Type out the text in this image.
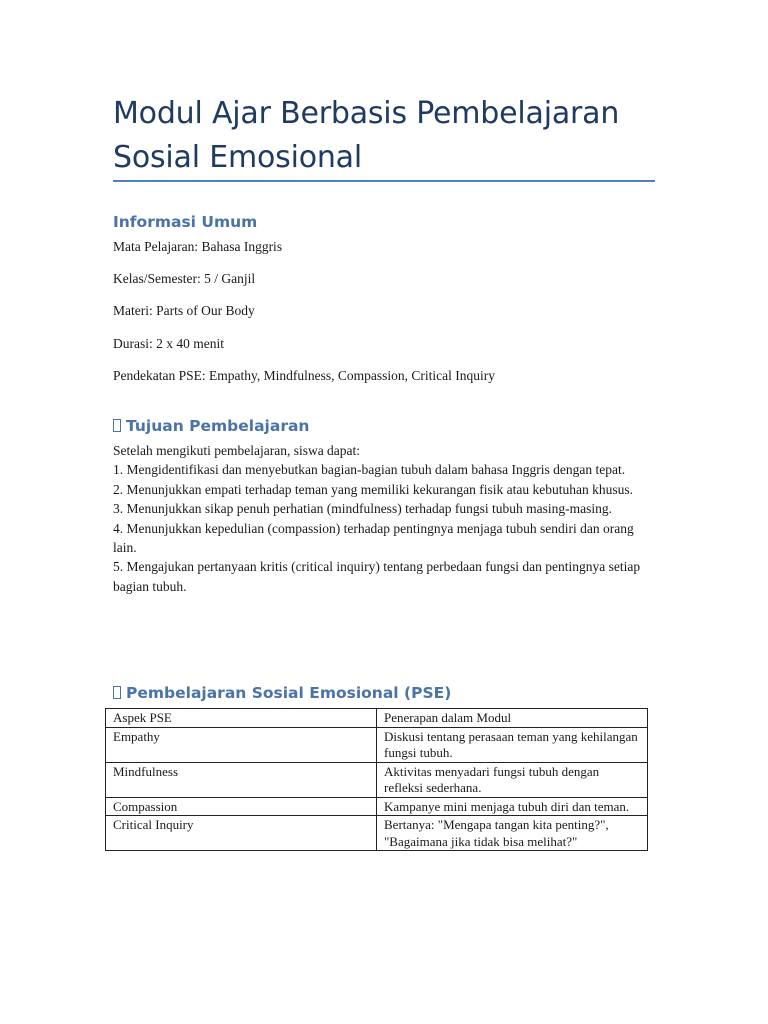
Modul Ajar Berbasis Pembelajaran
Sosial Emosional
Informasi Umum
Mata Pelajaran: Bahasa Inggris
Kelas/Semester: 5 / Ganjil
Materi: Parts of Our Body
Durasi: 2 x 40 menit
Pendekatan PSE: Empathy, Mindfulness, Compassion, Critical Inquiry
Tujuan Pembelajaran
Setelah mengikuti pembelajaran, siswa dapat:
1. Mengidentifikasi dan menyebutkan bagian-bagian tubuh dalam bahasa Inggris dengan tepat.
2. Menunjukkan empati terhadap teman yang memiliki kekurangan fisik atau kebutuhan khusus.
3. Menunjukkan sikap penuh perhatian (mindfulness) terhadap fungsi tubuh masing-masing.
4. Menunjukkan kepedulian (compassion) terhadap pentingnya menjaga tubuh sendiri dan orang lain.
5. Mengajukan pertanyaan kritis (critical inquiry) tentang perbedaan fungsi dan pentingnya setiap bagian tubuh.
Pembelajaran Sosial Emosional (PSE)
Aspek PSE	Penerapan dalam Modul
Empathy	Diskusi tentang perasaan teman yang kehilangan fungsi tubuh.
Mindfulness	Aktivitas menyadari fungsi tubuh dengan refleksi sederhana.
Compassion	Kampanye mini menjaga tubuh diri dan teman.
Critical Inquiry	Bertanya: "Mengapa tangan kita penting?", "Bagaimana jika tidak bisa melihat?"
